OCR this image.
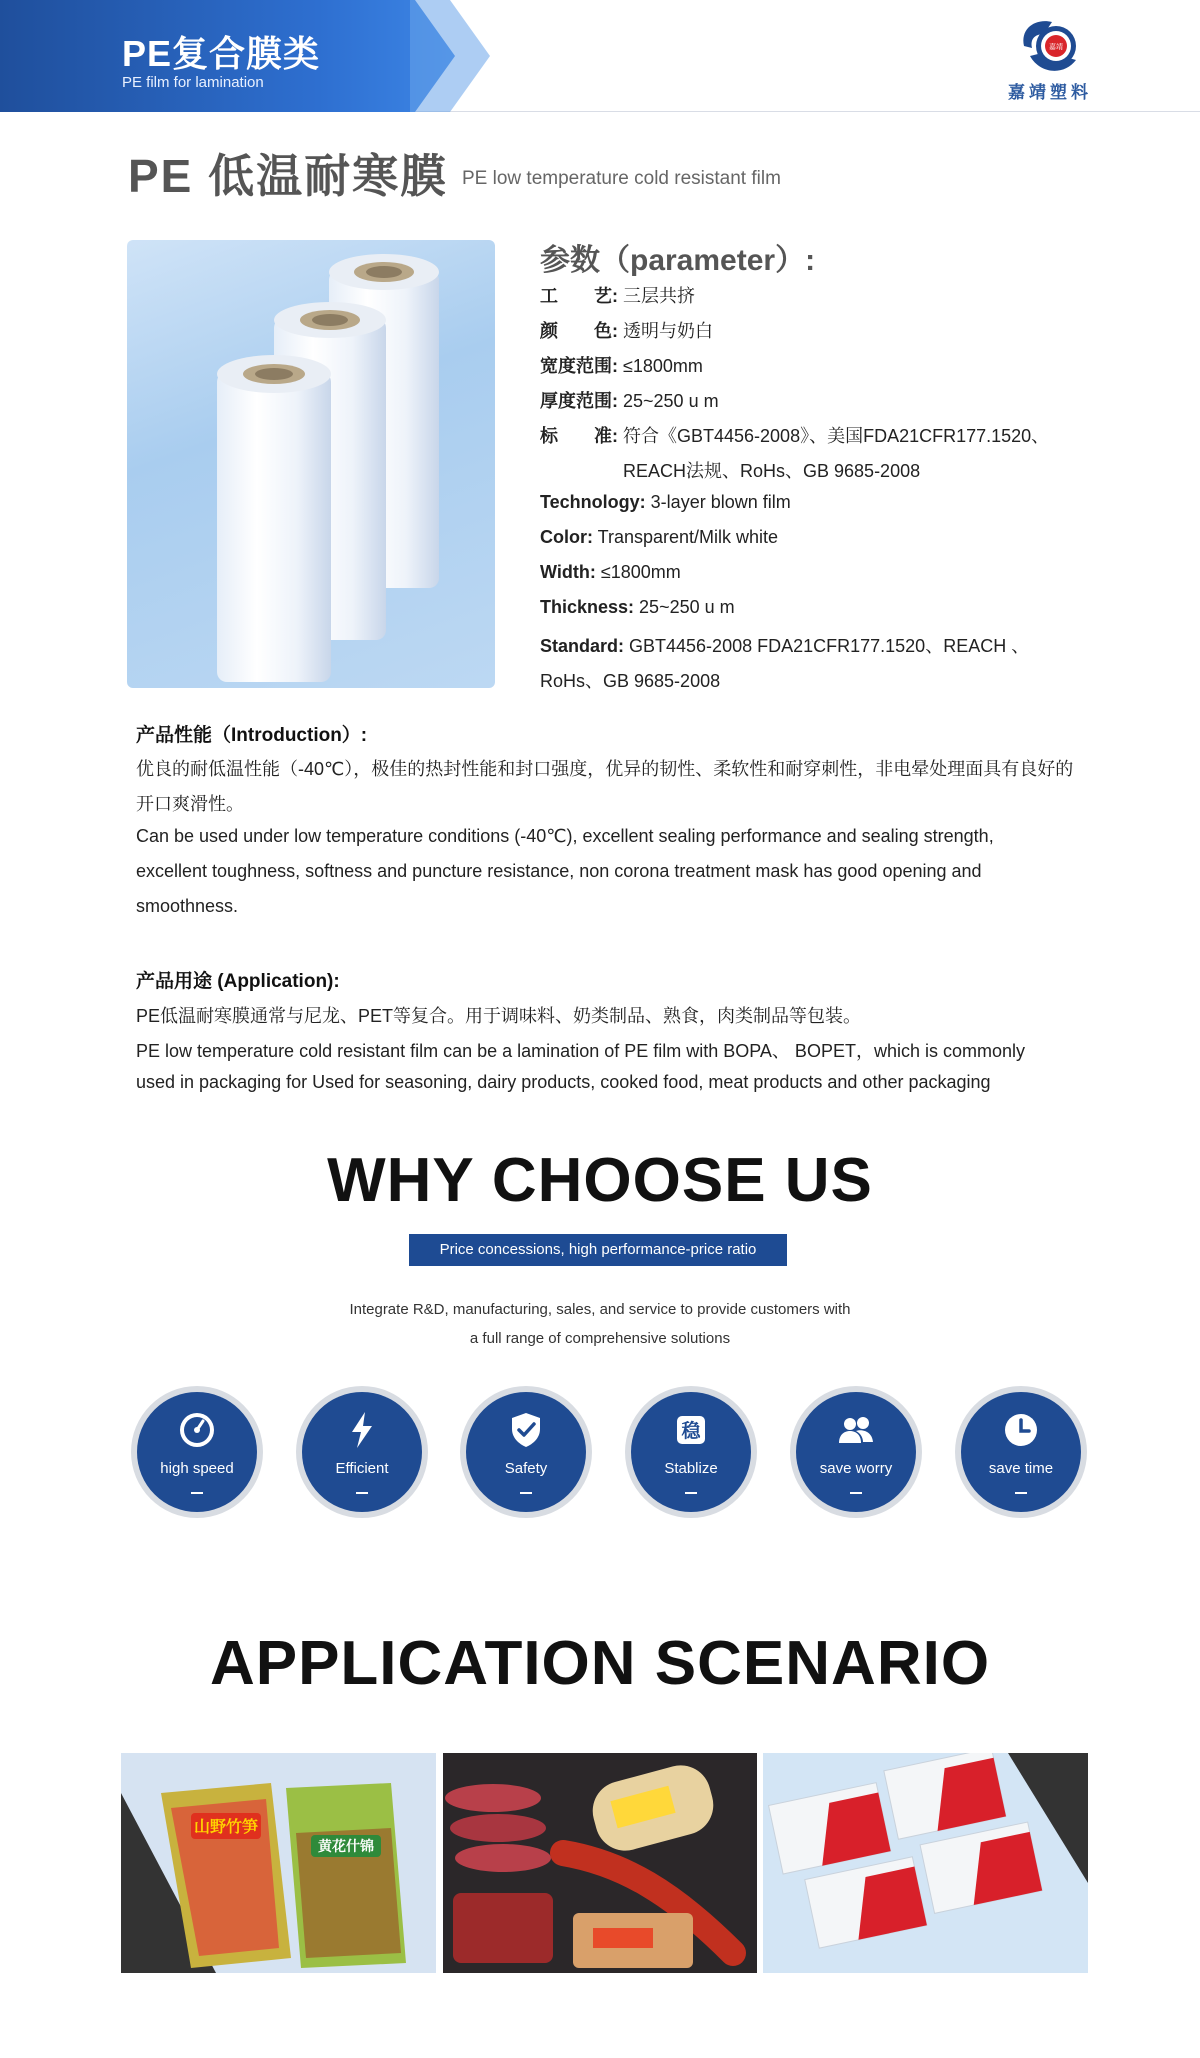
PE复合膜类
PE film for lamination
嘉靖
嘉靖塑料
PE 低温耐寒膜 PE low temperature cold resistant film
参数（parameter）:
工　　艺: 三层共挤
颜　　色: 透明与奶白
宽度范围: ≤1800mm
厚度范围: 25~250 u m
标　　准: 符合《GBT4456-2008》、美国FDA21CFR177.1520、
REACH法规、RoHs、GB 9685-2008
Technology: 3-layer blown film
Color: Transparent/Milk white
Width: ≤1800mm
Thickness: 25~250 u m
Standard: GBT4456-2008 FDA21CFR177.1520、REACH 、
RoHs、GB 9685-2008
产品性能（Introduction）:
优良的耐低温性能（-40℃），极佳的热封性能和封口强度，优异的韧性、柔软性和耐穿刺性，非电晕处理面具有良好的
开口爽滑性。
Can be used under low temperature conditions (-40℃), excellent sealing performance and sealing strength,
excellent toughness, softness and puncture resistance, non corona treatment mask has good opening and
smoothness.
产品用途 (Application):
PE低温耐寒膜通常与尼龙、PET等复合。用于调味料、奶类制品、熟食，肉类制品等包装。
PE low temperature cold resistant film can be a lamination of PE film with BOPA、 BOPET，which is commonly
used in packaging for Used for seasoning, dairy products, cooked food, meat products and other packaging
WHY CHOOSE US
Price concessions, high performance-price ratio
Integrate R&D, manufacturing, sales, and service to provide customers with
a full range of comprehensive solutions
high speed	Efficient	Safety
稳
Stablize	save worry	save time
APPLICATION SCENARIO
山野竹笋
黄花什锦
